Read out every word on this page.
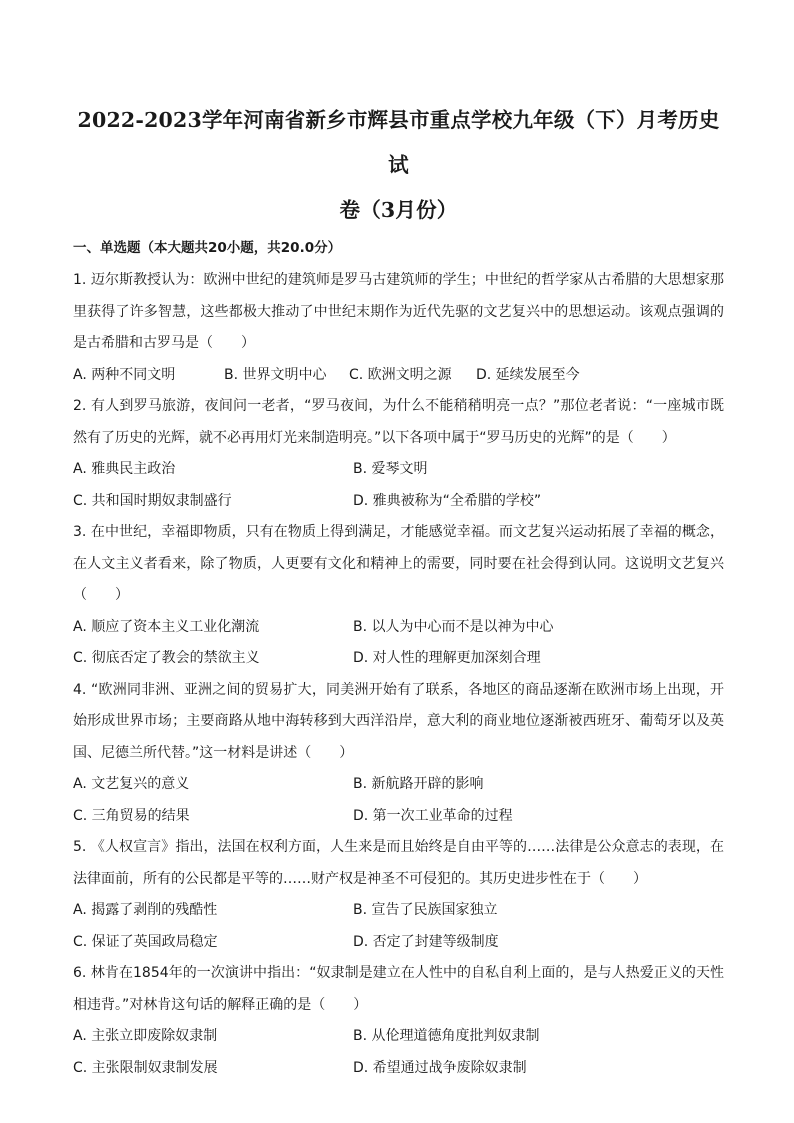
2022-2023学年河南省新乡市辉县市重点学校九年级（下）月考历史试
卷（3月份）
一、单选题（本大题共20小题，共20.0分）

1. 迈尔斯教授认为：欧洲中世纪的建筑师是罗马古建筑师的学生；中世纪的哲学家从古希腊的大思想家那里获得了许多智慧，这些都极大推动了中世纪末期作为近代先驱的文艺复兴中的思想运动。该观点强调的是古希腊和古罗马是（　　）

A. 两种不同文明	B. 世界文明中心	C. 欧洲文明之源	D. 延续发展至今

2. 有人到罗马旅游，夜间问一老者，“罗马夜间，为什么不能稍稍明亮一点？”那位老者说：“一座城市既然有了历史的光辉，就不必再用灯光来制造明亮。”以下各项中属于“罗马历史的光辉”的是（　　）

A. 雅典民主政治	B. 爱琴文明
C. 共和国时期奴隶制盛行	D. 雅典被称为“全希腊的学校”

3. 在中世纪，幸福即物质，只有在物质上得到满足，才能感觉幸福。而文艺复兴运动拓展了幸福的概念，在人文主义者看来，除了物质，人更要有文化和精神上的需要，同时要在社会得到认同。这说明文艺复兴（　　）

A. 顺应了资本主义工业化潮流	B. 以人为中心而不是以神为中心
C. 彻底否定了教会的禁欲主义	D. 对人性的理解更加深刻合理

4. “欧洲同非洲、亚洲之间的贸易扩大，同美洲开始有了联系，各地区的商品逐渐在欧洲市场上出现，开始形成世界市场；主要商路从地中海转移到大西洋沿岸，意大利的商业地位逐渐被西班牙、葡萄牙以及英国、尼德兰所代替。”这一材料是讲述（　　）

A. 文艺复兴的意义	B. 新航路开辟的影响
C. 三角贸易的结果	D. 第一次工业革命的过程

5. 《人权宣言》指出，法国在权利方面，人生来是而且始终是自由平等的……法律是公众意志的表现，在法律面前，所有的公民都是平等的……财产权是神圣不可侵犯的。其历史进步性在于（　　）

A. 揭露了剥削的残酷性	B. 宣告了民族国家独立
C. 保证了英国政局稳定	D. 否定了封建等级制度

6. 林肯在1854年的一次演讲中指出：“奴隶制是建立在人性中的自私自利上面的，是与人热爱正义的天性相违背。”对林肯这句话的解释正确的是（　　）

A. 主张立即废除奴隶制	B. 从伦理道德角度批判奴隶制
C. 主张限制奴隶制发展	D. 希望通过战争废除奴隶制
